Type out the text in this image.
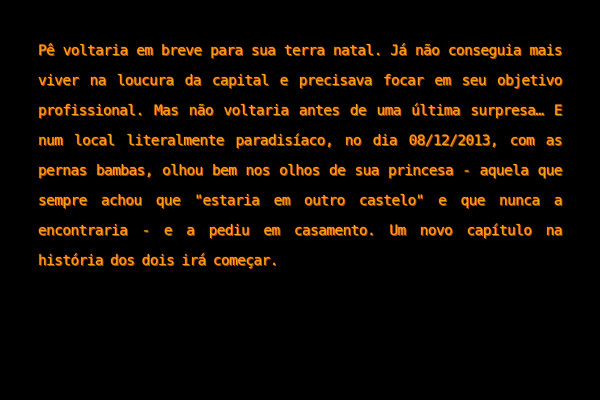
Pê voltaria em breve para sua terra natal. Já não conseguia mais viver na loucura da capital e precisava focar em seu objetivo profissional. Mas não voltaria antes de uma última surpresa… E num local literalmente paradisíaco, no dia 08/12/2013, com as pernas bambas, olhou bem nos olhos de sua princesa - aquela que sempre achou que "estaria em outro castelo" e que nunca a encontraria - e a pediu em casamento. Um novo capítulo na história dos dois irá começar.
